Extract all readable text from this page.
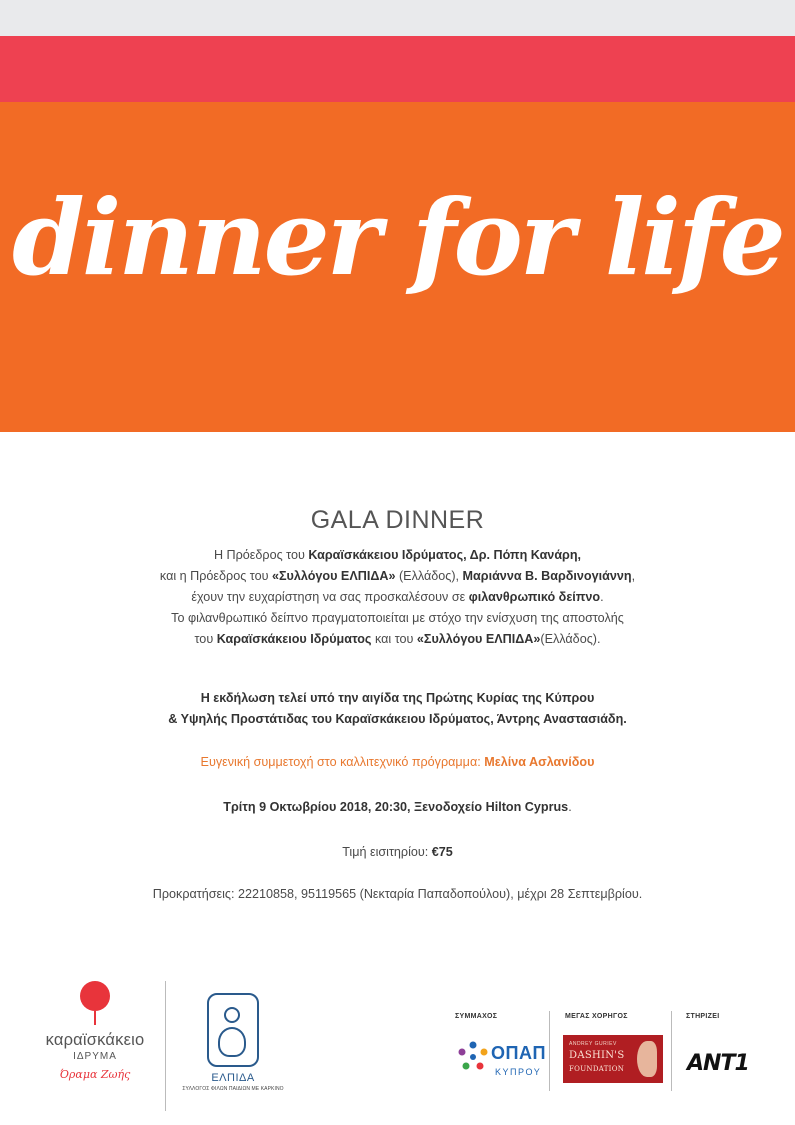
dinner for life
GALA DINNER
Η Πρόεδρος του Καραϊσκάκειου Ιδρύματος, Δρ. Πόπη Κανάρη,
και η Πρόεδρος του «Συλλόγου ΕΛΠΙΔΑ» (Ελλάδος), Μαριάννα Β. Βαρδινογιάννη,
έχουν την ευχαρίστηση να σας προσκαλέσουν σε φιλανθρωπικό δείπνο.
Το φιλανθρωπικό δείπνο πραγματοποιείται με στόχο την ενίσχυση της αποστολής
του Καραϊσκάκειου Ιδρύματος και του «Συλλόγου ΕΛΠΙΔΑ»(Ελλάδος).
Η εκδήλωση τελεί υπό την αιγίδα της Πρώτης Κυρίας της Κύπρου
& Υψηλής Προστάτιδας του Καραϊσκάκειου Ιδρύματος, Άντρης Αναστασιάδη.
Ευγενική συμμετοχή στο καλλιτεχνικό πρόγραμμα: Μελίνα Ασλανίδου
Τρίτη 9 Οκτωβρίου 2018, 20:30, Ξενοδοχείο Hilton Cyprus.
Τιμή εισιτηρίου: €75
Προκρατήσεις: 22210858, 95119565 (Νεκταρία Παπαδοπούλου), μέχρι 28 Σεπτεμβρίου.
καραϊσκάκειο
ΙΔΡΥΜΑ
Όραμα Ζωής	ΕΛΠΙΔΑ
ΣΥΛΛΟΓΟΣ ΦΙΛΩΝ ΠΑΙΔΙΩΝ ΜΕ ΚΑΡΚΙΝΟ
ΣΥΜΜΑΧΟΣ	ΜΕΓΑΣ ΧΟΡΗΓΟΣ	ΣΤΗΡΙΖΕΙ
ΟΠΑΠ
ΚΥΠΡΟΥ
ANDREY GURIEV
DASHIN'S
FOUNDATION	ANT1
